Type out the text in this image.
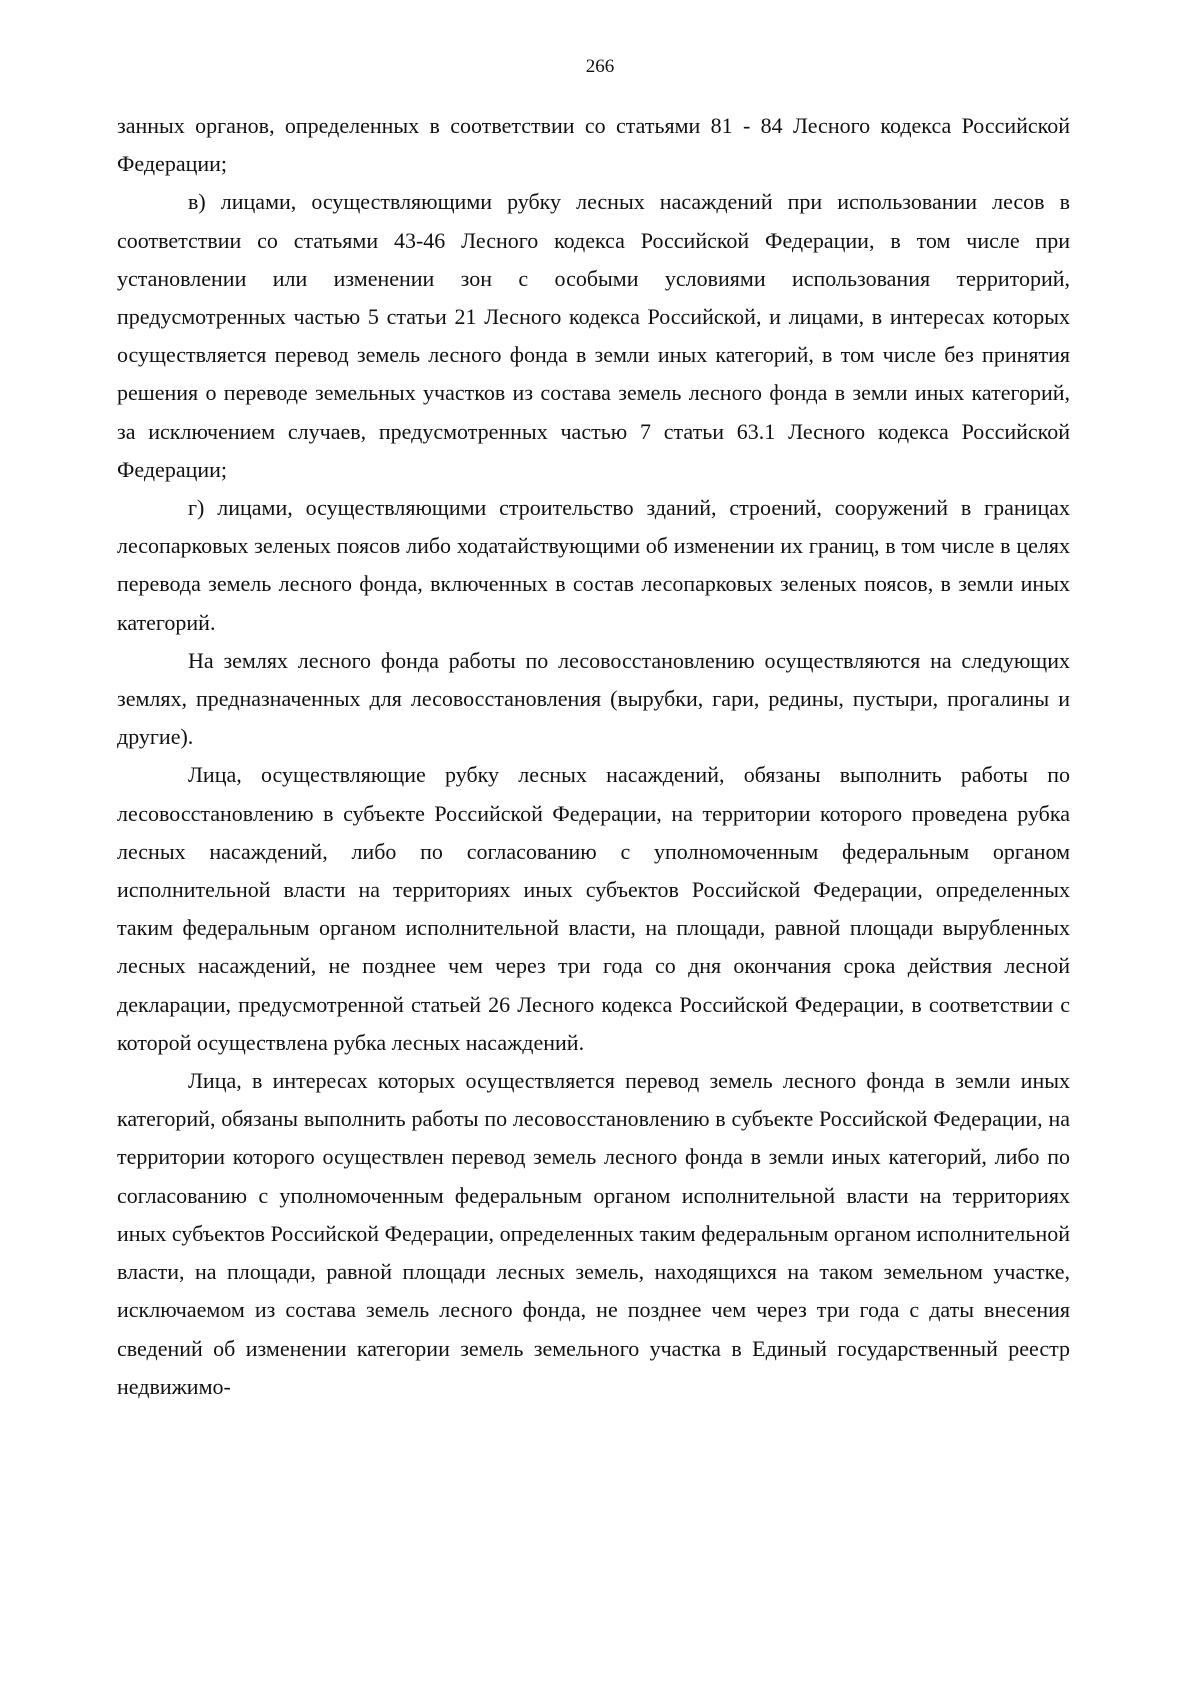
266

занных органов, определенных в соответствии со статьями 81 - 84 Лесного кодекса Российской Федерации;

в) лицами, осуществляющими рубку лесных насаждений при использовании лесов в соответствии со статьями 43-46 Лесного кодекса Российской Федерации, в том числе при установлении или изменении зон с особыми условиями использования территорий, предусмотренных частью 5 статьи 21 Лесного кодекса Российской, и лицами, в интересах которых осуществляется перевод земель лесного фонда в земли иных категорий, в том числе без принятия решения о переводе земельных участков из состава земель лесного фонда в земли иных категорий, за исключением случаев, предусмотренных частью 7 статьи 63.1 Лесного кодекса Российской Федерации;

г) лицами, осуществляющими строительство зданий, строений, сооружений в границах лесопарковых зеленых поясов либо ходатайствующими об изменении их границ, в том числе в целях перевода земель лесного фонда, включенных в состав лесопарковых зеленых поясов, в земли иных категорий.

На землях лесного фонда работы по лесовосстановлению осуществляются на следующих землях, предназначенных для лесовосстановления (вырубки, гари, редины, пустыри, прогалины и другие).

Лица, осуществляющие рубку лесных насаждений, обязаны выполнить работы по лесовосстановлению в субъекте Российской Федерации, на территории которого проведена рубка лесных насаждений, либо по согласованию с уполномоченным федеральным органом исполнительной власти на территориях иных субъектов Российской Федерации, определенных таким федеральным органом исполнительной власти, на площади, равной площади вырубленных лесных насаждений, не позднее чем через три года со дня окончания срока действия лесной декларации, предусмотренной статьей 26 Лесного кодекса Российской Федерации, в соответствии с которой осуществлена рубка лесных насаждений.

Лица, в интересах которых осуществляется перевод земель лесного фонда в земли иных категорий, обязаны выполнить работы по лесовосстановлению в субъекте Российской Федерации, на территории которого осуществлен перевод земель лесного фонда в земли иных категорий, либо по согласованию с уполномоченным федеральным органом исполнительной власти на территориях иных субъектов Российской Федерации, определенных таким федеральным органом исполнительной власти, на площади, равной площади лесных земель, находящихся на таком земельном участке, исключаемом из состава земель лесного фонда, не позднее чем через три года с даты внесения сведений об изменении категории земель земельного участка в Единый государственный реестр недвижимо-
